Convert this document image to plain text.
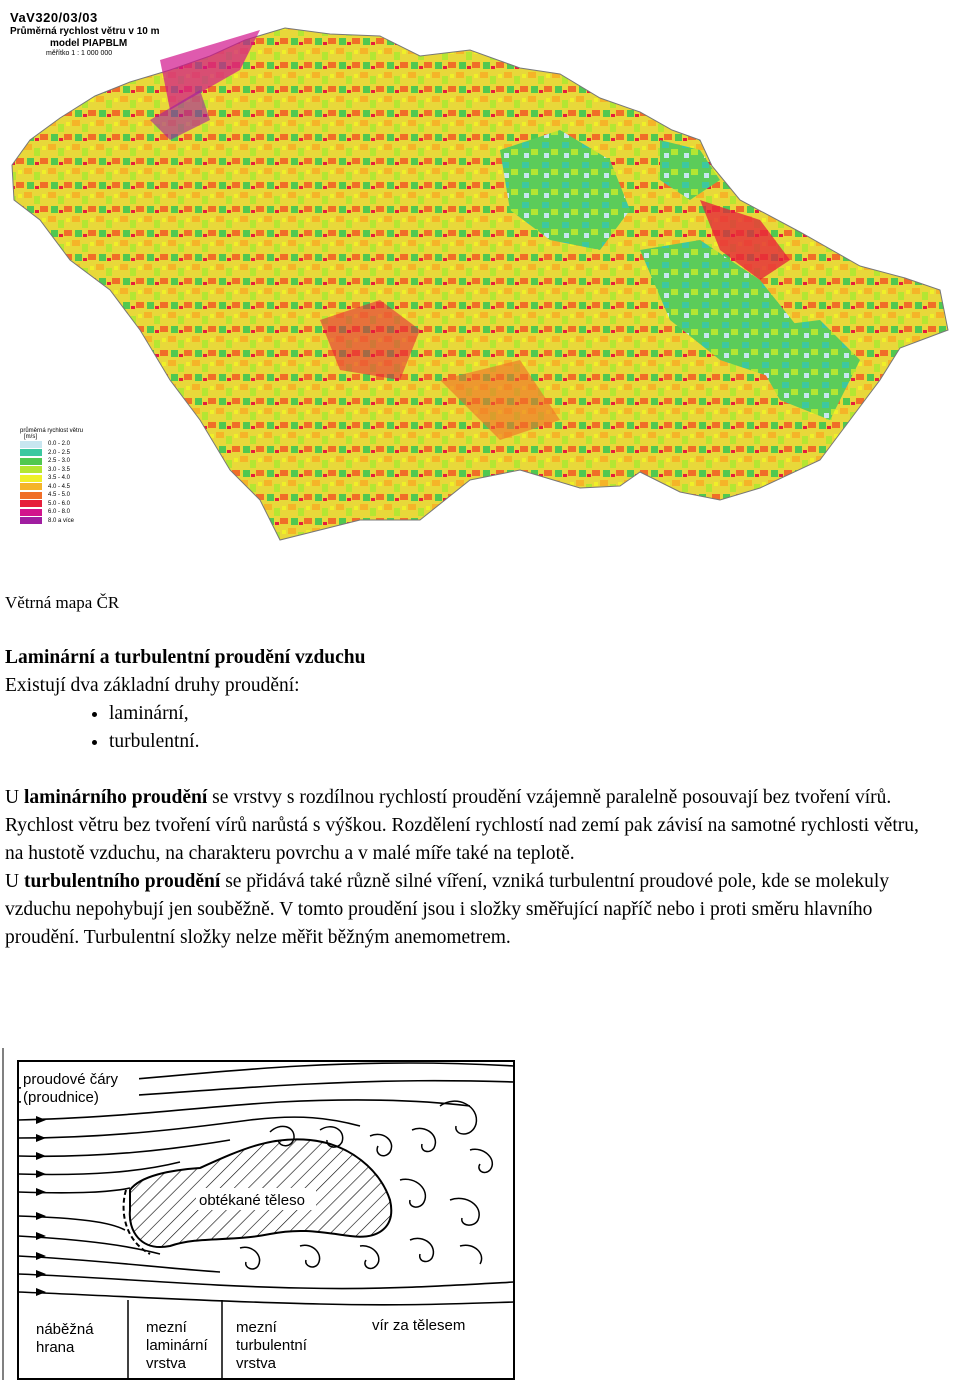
VaV320/03/03
Průměrná rychlost větru v 10 m
model PIAPBLM
měřítko 1 : 1 000 000
průměrná rychlost větru
[m/s]
0.0 - 2.0
2.0 - 2.5
2.5 - 3.0
3.0 - 3.5
3.5 - 4.0
4.0 - 4.5
4.5 - 5.0
5.0 - 6.0
6.0 - 8.0
8.0 a více
Větrná mapa ČR

Laminární a turbulentní proudění vzduchu

Existují dva základní druhy proudění:

• laminární,
• turbulentní.

U laminárního proudění se vrstvy s rozdílnou rychlostí proudění vzájemně paralelně posouvají bez tvoření vírů. Rychlost větru bez tvoření vírů narůstá s výškou. Rozdělení rychlostí nad zemí pak závisí na samotné rychlosti větru, na hustotě vzduchu, na charakteru povrchu a v malé míře také na teplotě.

U turbulentního proudění se přidává také různě silné víření, vzniká turbulentní proudové pole, kde se molekuly vzduchu nepohybují jen souběžně. V tomto proudění jsou i složky směřující napříč nebo i proti směru hlavního proudění. Turbulentní složky nelze měřit běžným anemometrem.

proudové čáry
(proudnice)
obtékané těleso
náběžná
hrana
mezní
laminární
vrstva
mezní
turbulentní
vrstva
vír za tělesem
